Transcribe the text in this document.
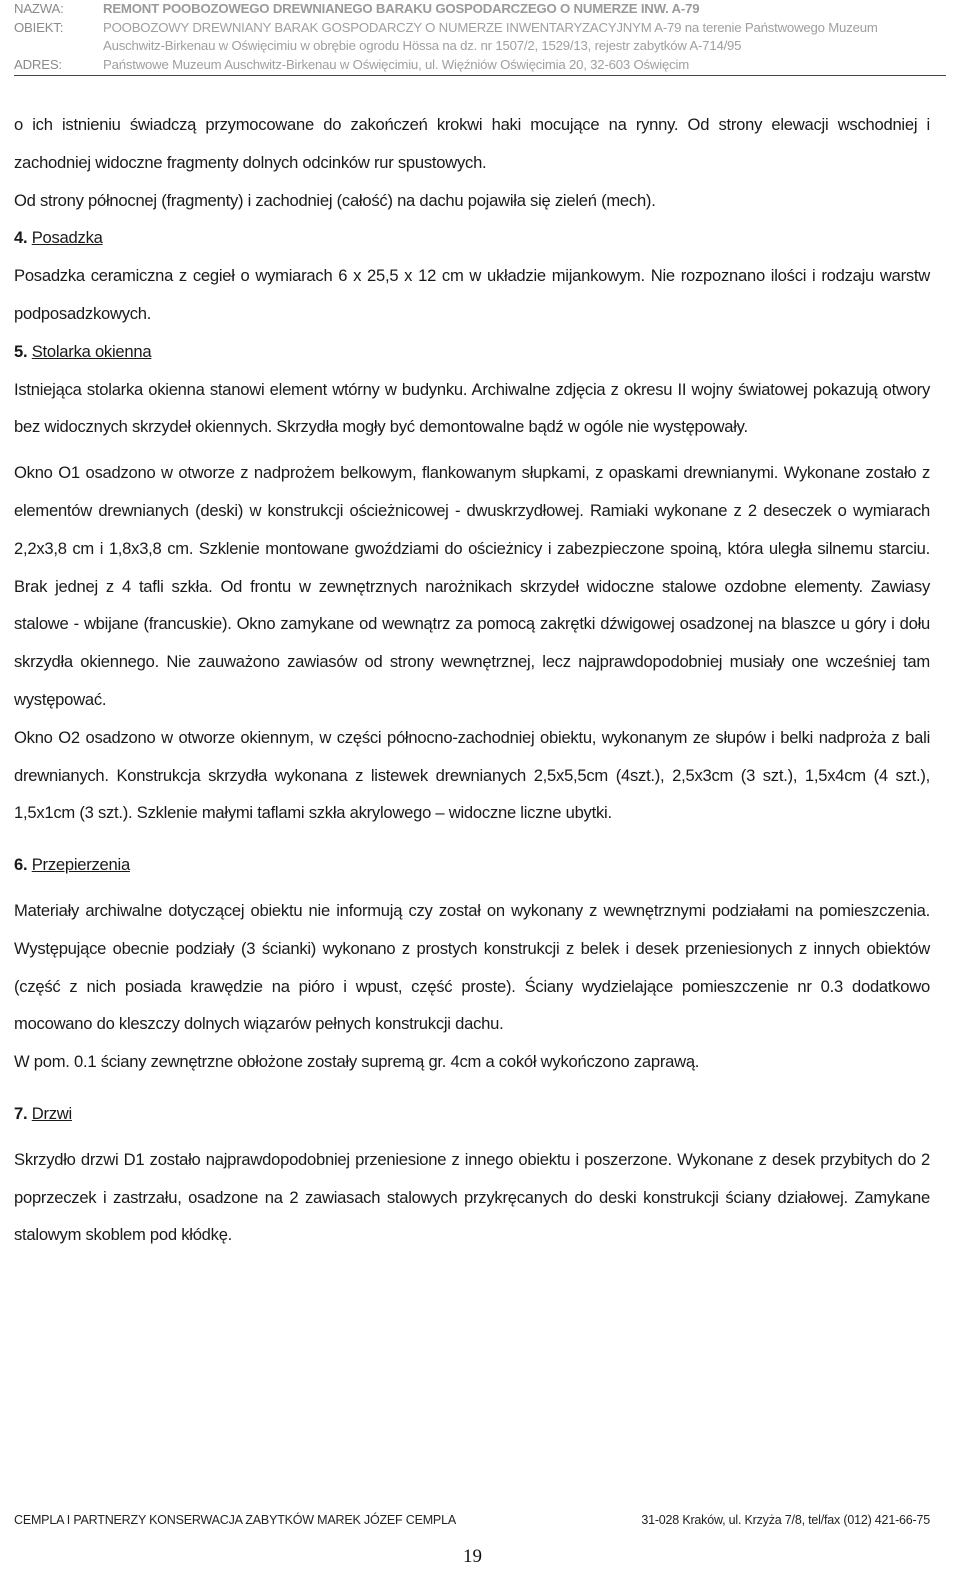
NAZWA:	REMONT POOBOZOWEGO DREWNIANEGO BARAKU GOSPODARCZEGO O NUMERZE INW. A-79
OBIEKT:	POOBOZOWY DREWNIANY BARAK GOSPODARCZY O NUMERZE INWENTARYZACYJNYM A-79 na terenie Państwowego Muzeum
Auschwitz-Birkenau w Oświęcimiu w obrębie ogrodu Hössa na dz. nr 1507/2, 1529/13, rejestr zabytków A-714/95
ADRES:	Państwowe Muzeum Auschwitz-Birkenau w Oświęcimiu, ul. Więźniów Oświęcimia 20, 32-603 Oświęcim

o ich istnieniu świadczą przymocowane do zakończeń krokwi haki mocujące na rynny. Od strony elewacji wschodniej i zachodniej widoczne fragmenty dolnych odcinków rur spustowych.

Od strony północnej (fragmenty) i zachodniej (całość) na dachu pojawiła się zieleń (mech).

4. Posadzka

Posadzka ceramiczna z cegieł o wymiarach 6 x 25,5 x 12 cm w układzie mijankowym. Nie rozpoznano ilości i rodzaju warstw podposadzkowych.

5. Stolarka okienna

Istniejąca stolarka okienna stanowi element wtórny w budynku. Archiwalne zdjęcia z okresu II wojny światowej pokazują otwory bez widocznych skrzydeł okiennych. Skrzydła mogły być demontowalne bądź w ogóle nie występowały.

Okno O1 osadzono w otworze z nadprożem belkowym, flankowanym słupkami, z opaskami drewnianymi. Wykonane zostało z elementów drewnianych (deski) w konstrukcji ościeżnicowej - dwuskrzydłowej. Ramiaki wykonane z 2 deseczek o wymiarach 2,2x3,8 cm i 1,8x3,8 cm. Szklenie montowane gwoździami do ościeżnicy i zabezpieczone spoiną, która uległa silnemu starciu. Brak jednej z 4 tafli szkła. Od frontu w zewnętrznych narożnikach skrzydeł widoczne stalowe ozdobne elementy. Zawiasy stalowe - wbijane (francuskie). Okno zamykane od wewnątrz za pomocą zakrętki dźwigowej osadzonej na blaszce u góry i dołu skrzydła okiennego. Nie zauważono zawiasów od strony wewnętrznej, lecz najprawdopodobniej musiały one wcześniej tam występować.

Okno O2 osadzono w otworze okiennym, w części północno-zachodniej obiektu, wykonanym ze słupów i belki nadproża z bali drewnianych. Konstrukcja skrzydła wykonana z listewek drewnianych 2,5x5,5cm (4szt.), 2,5x3cm (3 szt.), 1,5x4cm (4 szt.), 1,5x1cm (3 szt.). Szklenie małymi taflami szkła akrylowego – widoczne liczne ubytki.

6. Przepierzenia

Materiały archiwalne dotyczącej obiektu nie informują czy został on wykonany z wewnętrznymi podziałami na pomieszczenia. Występujące obecnie podziały (3 ścianki) wykonano z prostych konstrukcji z belek i desek przeniesionych z innych obiektów (część z nich posiada krawędzie na pióro i wpust, część proste). Ściany wydzielające pomieszczenie nr 0.3 dodatkowo mocowano do kleszczy dolnych wiązarów pełnych konstrukcji dachu.

W pom. 0.1 ściany zewnętrzne obłożone zostały supremą gr. 4cm a cokół wykończono zaprawą.

7. Drzwi

Skrzydło drzwi D1 zostało najprawdopodobniej przeniesione z innego obiektu i poszerzone. Wykonane z desek przybitych do 2 poprzeczek i zastrzału, osadzone na 2 zawiasach stalowych przykręcanych do deski konstrukcji ściany działowej. Zamykane stalowym skoblem pod kłódkę.

CEMPLA I PARTNERZY KONSERWACJA ZABYTKÓW MAREK JÓZEF CEMPLA	31-028 Kraków, ul. Krzyża 7/8, tel/fax (012) 421-66-75
19
